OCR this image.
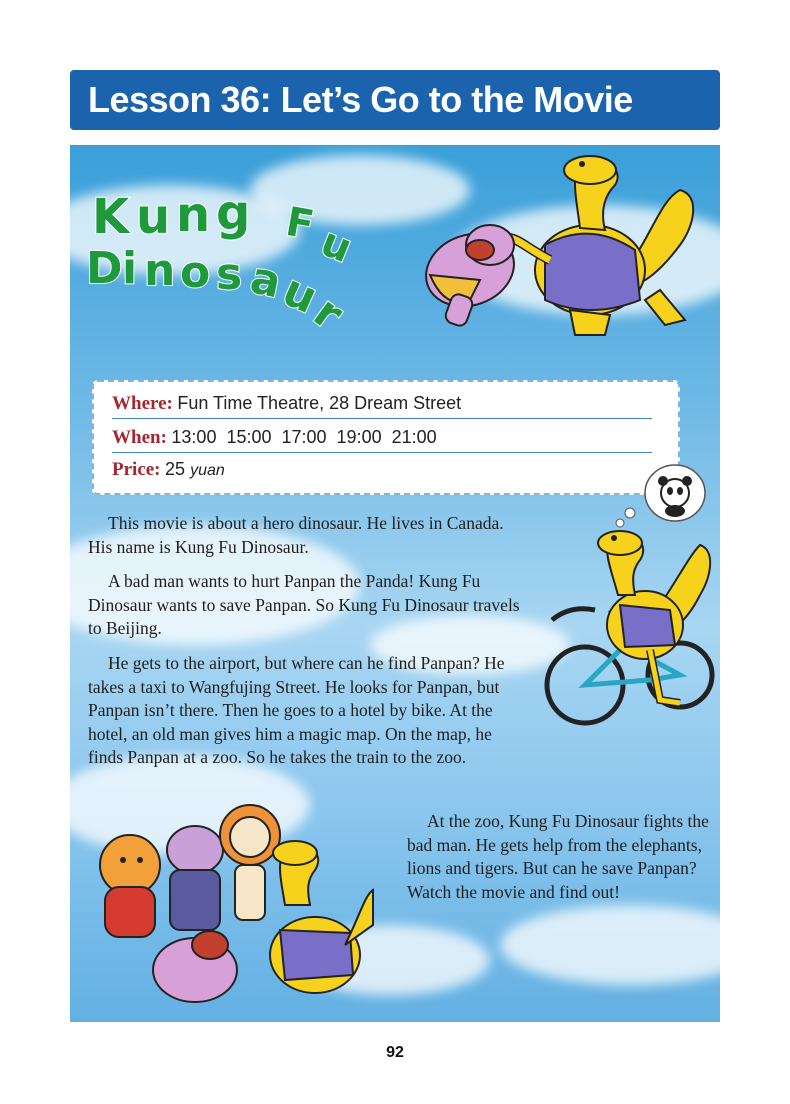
Lesson 36: Let’s Go to the Movie
K u n g F
u
D i n o s a
u
r
Where: Fun Time Theatre, 28 Dream Street
When: 13:00  15:00  17:00  19:00  21:00
Price: 25 yuan

This movie is about a hero dinosaur. He lives in Canada. His name is Kung Fu Dinosaur.

A bad man wants to hurt Panpan the Panda! Kung Fu Dinosaur wants to save Panpan. So Kung Fu Dinosaur travels to Beijing.

He gets to the airport, but where can he find Panpan? He takes a taxi to Wangfujing Street. He looks for Panpan, but Panpan isn’t there. Then he goes to a hotel by bike. At the hotel, an old man gives him a magic map. On the map, he finds Panpan at a zoo. So he takes the train to the zoo.

At the zoo, Kung Fu Dinosaur fights the bad man. He gets help from the elephants, lions and tigers. But can he save Panpan? Watch the movie and find out!

92
